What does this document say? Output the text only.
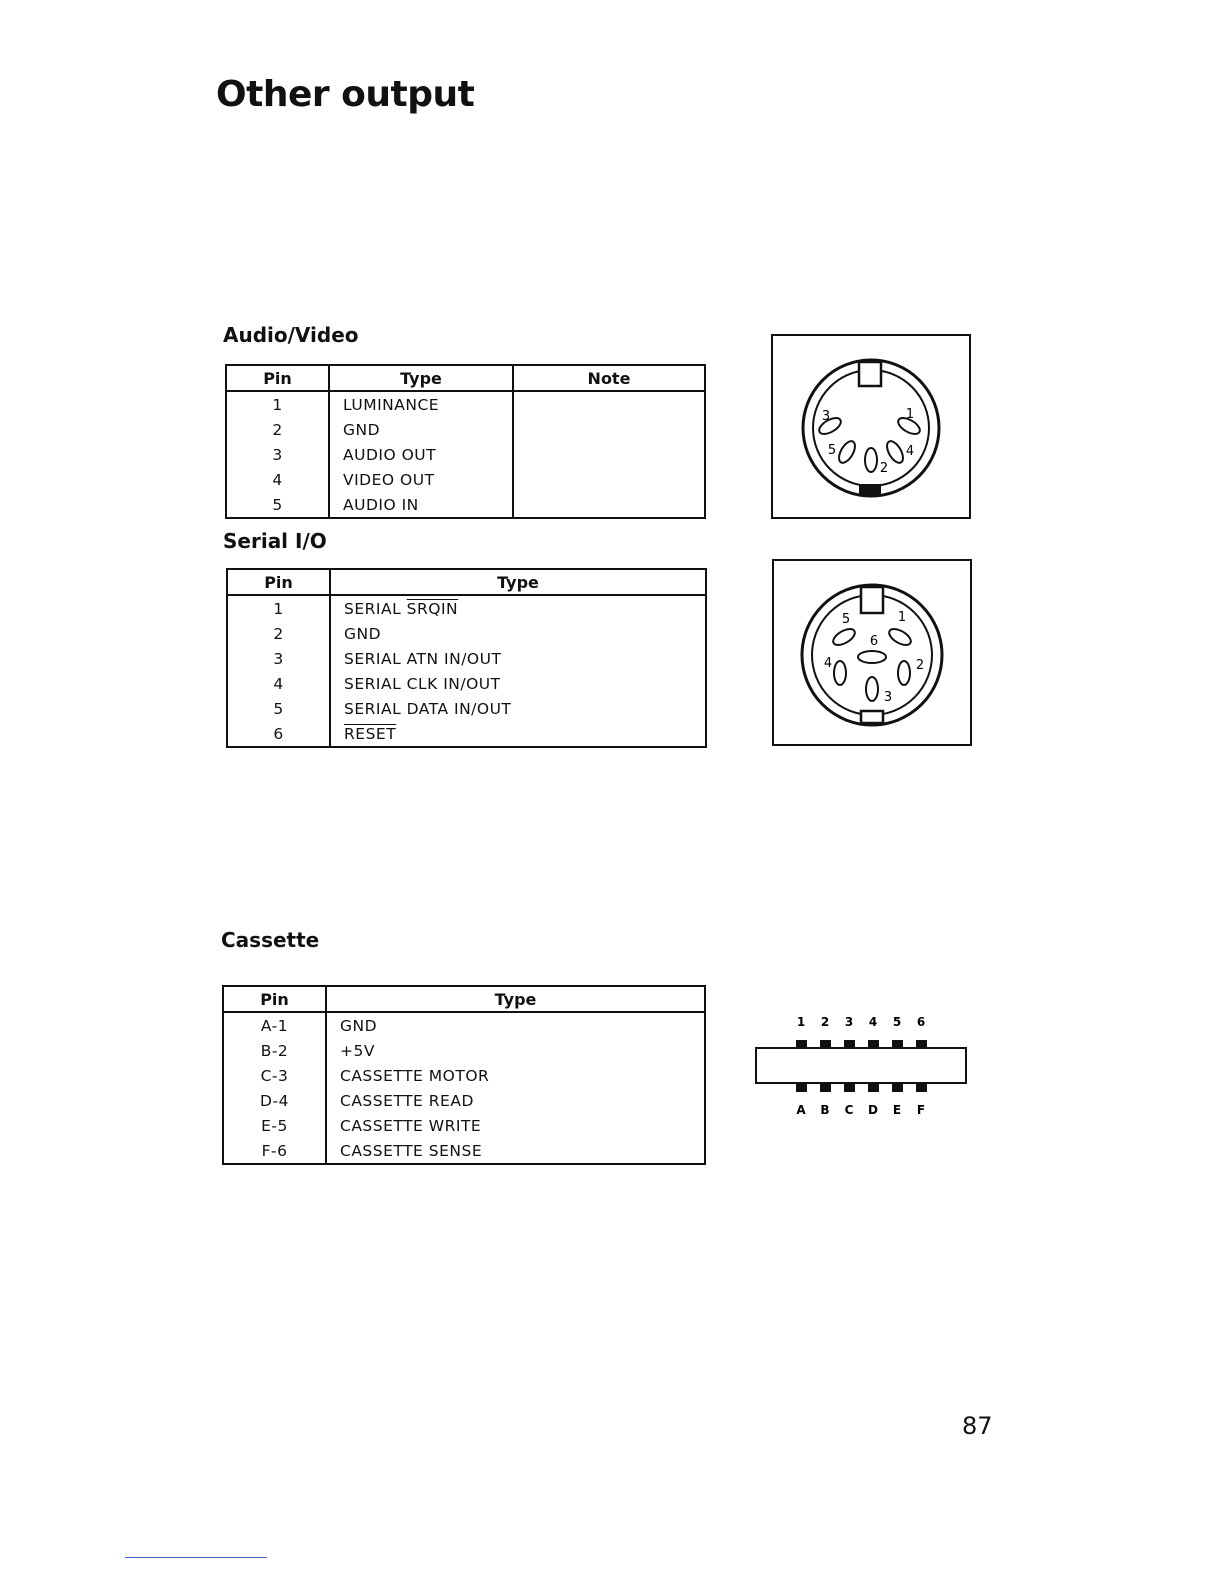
Other output
Audio/Video
Pin	Type	Note
1	LUMINANCE	
2	GND	
3	AUDIO OUT	
4	VIDEO OUT	
5	AUDIO IN	
1
2
3
4
5
Serial I/O
Pin	Type
1	SERIAL SRQIN
2	GND
3	SERIAL ATN IN/OUT
4	SERIAL CLK IN/OUT
5	SERIAL DATA IN/OUT
6	RESET
1
2
3
4
5
6
Cassette
Pin	Type
A-1	GND
B-2	+5V
C-3	CASSETTE MOTOR
D-4	CASSETTE READ
E-5	CASSETTE WRITE
F-6	CASSETTE SENSE
1 2 3 4 5 6
A B C D E F
87
